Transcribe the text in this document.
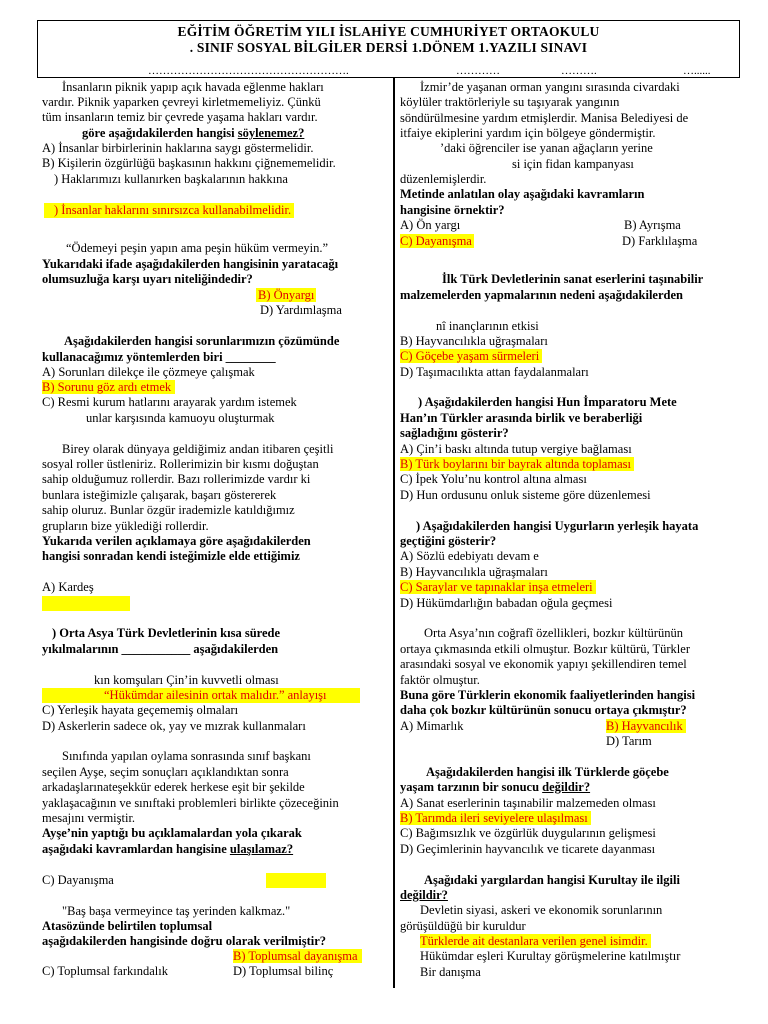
EĞİTİM ÖĞRETİM YILI İSLAHİYE CUMHURİYET ORTAOKULU
. SINIF SOSYAL BİLGİLER DERSİ 1.DÖNEM 1.YAZILI SINAVI
……………………………………………….	…………	……….	…......
İnsanların piknik yapıp açık havada eğlenme hakları
vardır. Piknik yaparken çevreyi kirletmemeliyiz. Çünkü
tüm insanların temiz bir çevrede yaşama hakları vardır.
göre aşağıdakilerden hangisi söylenemez?
A) İnsanlar birbirlerinin haklarına saygı göstermelidir.
B) Kişilerin özgürlüğü başkasının hakkını çiğnememelidir.
) Haklarımızı kullanırken başkalarının hakkına
) İnsanlar haklarını sınırsızca kullanabilmelidir.
“Ödemeyi peşin yapın ama peşin hüküm vermeyin.”
Yukarıdaki ifade aşağıdakilerden hangisinin yaratacağı
olumsuzluğa karşı uyarı niteliğindedir?
B) Önyargı
D) Yardımlaşma
Aşağıdakilerden hangisi sorunlarımızın çözümünde
kullanacağımız yöntemlerden biri ________
A) Sorunları dilekçe ile çözmeye çalışmak
B) Sorunu göz ardı etmek
C) Resmi kurum hatlarını arayarak yardım istemek
unlar karşısında kamuoyu oluşturmak
Birey olarak dünyaya geldiğimiz andan itibaren çeşitli
sosyal roller üstleniriz. Rollerimizin bir kısmı doğuştan
sahip olduğumuz rollerdir. Bazı rollerimizde vardır ki
bunlara isteğimizle çalışarak, başarı göstererek
sahip oluruz. Bunlar özgür irademizle katıldığımız
grupların bize yüklediği rollerdir.
Yukarıda verilen açıklamaya göre aşağıdakilerden
hangisi sonradan kendi isteğimizle elde ettiğimiz
A) Kardeş
) Orta Asya Türk Devletlerinin kısa sürede
yıkılmalarının ___________ aşağıdakilerden
kın komşuları Çin’in kuvvetli olması
“Hükümdar ailesinin ortak malıdır.” anlayışı
C) Yerleşik hayata geçememiş olmaları
D) Askerlerin sadece ok, yay ve mızrak kullanmaları
Sınıfında yapılan oylama sonrasında sınıf başkanı
seçilen Ayşe, seçim sonuçları açıklandıktan sonra
arkadaşlarınateşekkür ederek herkese eşit bir şekilde
yaklaşacağının ve sınıftaki problemleri birlikte çözeceğinin
mesajını vermiştir.
Ayşe’nin yaptığı bu açıklamalardan yola çıkarak
aşağıdaki kavramlardan hangisine ulaşılamaz?
C) Dayanışma
"Baş başa vermeyince taş yerinden kalkmaz."
Atasözünde belirtilen toplumsal
aşağıdakilerden hangisinde doğru olarak verilmiştir?
B) Toplumsal dayanışma
C) Toplumsal farkındalık	D) Toplumsal bilinç
İzmir’de yaşanan orman yangını sırasında civardaki
köylüler traktörleriyle su taşıyarak yangının
söndürülmesine yardım etmişlerdir. Manisa Belediyesi de
itfaiye ekiplerini yardım için bölgeye göndermiştir.
’daki öğrenciler ise yanan ağaçların yerine
si için fidan kampanyası
düzenlemişlerdir.
Metinde anlatılan olay aşağıdaki kavramların
hangisine örnektir?
A) Ön yargı	B) Ayrışma
C) Dayanışma	D) Farklılaşma
İlk Türk Devletlerinin sanat eserlerini taşınabilir
malzemelerden yapmalarının nedeni aşağıdakilerden
nî inançlarının etkisi
B) Hayvancılıkla uğraşmaları
C) Göçebe yaşam sürmeleri
D) Taşımacılıkta attan faydalanmaları
) Aşağıdakilerden hangisi Hun İmparatoru Mete
Han’ın Türkler arasında birlik ve beraberliği
sağladığını gösterir?
A) Çin’i baskı altında tutup vergiye bağlaması
B) Türk boylarını bir bayrak altında toplaması
C) İpek Yolu’nu kontrol altına alması
D) Hun ordusunu onluk sisteme göre düzenlemesi
) Aşağıdakilerden hangisi Uygurların yerleşik hayata
geçtiğini gösterir?
A) Sözlü edebiyatı devam e
B) Hayvancılıkla uğraşmaları
C) Saraylar ve tapınaklar inşa etmeleri
D) Hükümdarlığın babadan oğula geçmesi
Orta Asya’nın coğrafî özellikleri, bozkır kültürünün
ortaya çıkmasında etkili olmuştur. Bozkır kültürü, Türkler
arasındaki sosyal ve ekonomik yapıyı şekillendiren temel
faktör olmuştur.
Buna göre Türklerin ekonomik faaliyetlerinden hangisi
daha çok bozkır kültürünün sonucu ortaya çıkmıştır?
A) Mimarlık	B) Hayvancılık
D) Tarım
Aşağıdakilerden hangisi ilk Türklerde göçebe
yaşam tarzının bir sonucu değildir?
A) Sanat eserlerinin taşınabilir malzemeden olması
B) Tarımda ileri seviyelere ulaşılması
C) Bağımsızlık ve özgürlük duygularının gelişmesi
D) Geçimlerinin hayvancılık ve ticarete dayanması
Aşağıdaki yargılardan hangisi Kurultay ile ilgili
değildir?
Devletin siyasi, askeri ve ekonomik sorunlarının
görüşüldüğü bir kuruldur
Türklerde ait destanlara verilen genel isimdir.
Hükümdar eşleri Kurultay görüşmelerine katılmıştır
Bir danışma
